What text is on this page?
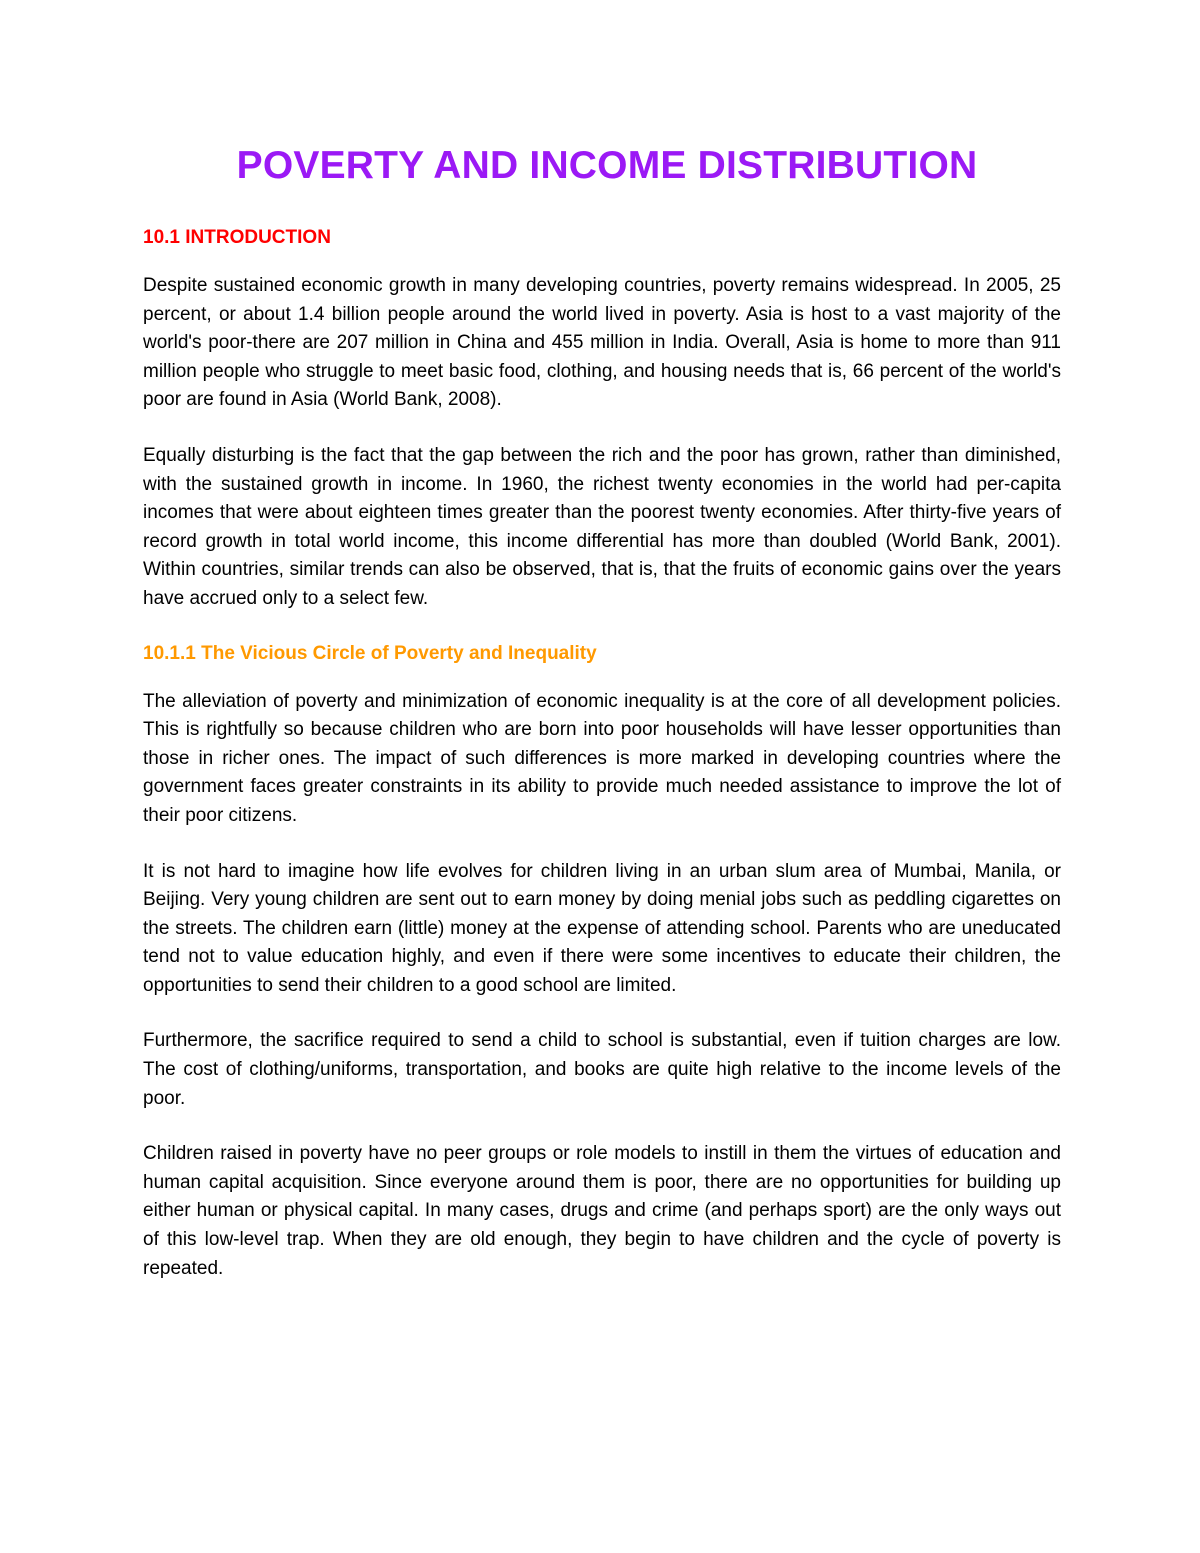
POVERTY AND INCOME DISTRIBUTION
10.1 INTRODUCTION

Despite sustained economic growth in many developing countries, poverty remains widespread. In 2005, 25 percent, or about 1.4 billion people around the world lived in poverty. Asia is host to a vast majority of the world's poor-there are 207 million in China and 455 million in India. Overall, Asia is home to more than 911 million people who struggle to meet basic food, clothing, and housing needs that is, 66 percent of the world's poor are found in Asia (World Bank, 2008).

Equally disturbing is the fact that the gap between the rich and the poor has grown, rather than diminished, with the sustained growth in income. In 1960, the richest twenty economies in the world had per-capita incomes that were about eighteen times greater than the poorest twenty economies. After thirty-five years of record growth in total world income, this income differential has more than doubled (World Bank, 2001). Within countries, similar trends can also be observed, that is, that the fruits of economic gains over the years have accrued only to a select few.

10.1.1 The Vicious Circle of Poverty and Inequality

The alleviation of poverty and minimization of economic inequality is at the core of all development policies. This is rightfully so because children who are born into poor households will have lesser opportunities than those in richer ones. The impact of such differences is more marked in developing countries where the government faces greater constraints in its ability to provide much needed assistance to improve the lot of their poor citizens.

It is not hard to imagine how life evolves for children living in an urban slum area of Mumbai, Manila, or Beijing. Very young children are sent out to earn money by doing menial jobs such as peddling cigarettes on the streets. The children earn (little) money at the expense of attending school. Parents who are uneducated tend not to value education highly, and even if there were some incentives to educate their children, the opportunities to send their children to a good school are limited.

Furthermore, the sacrifice required to send a child to school is substantial, even if tuition charges are low. The cost of clothing/uniforms, transportation, and books are quite high relative to the income levels of the poor.

Children raised in poverty have no peer groups or role models to instill in them the virtues of education and human capital acquisition. Since everyone around them is poor, there are no opportunities for building up either human or physical capital. In many cases, drugs and crime (and perhaps sport) are the only ways out of this low-level trap. When they are old enough, they begin to have children and the cycle of poverty is repeated.
